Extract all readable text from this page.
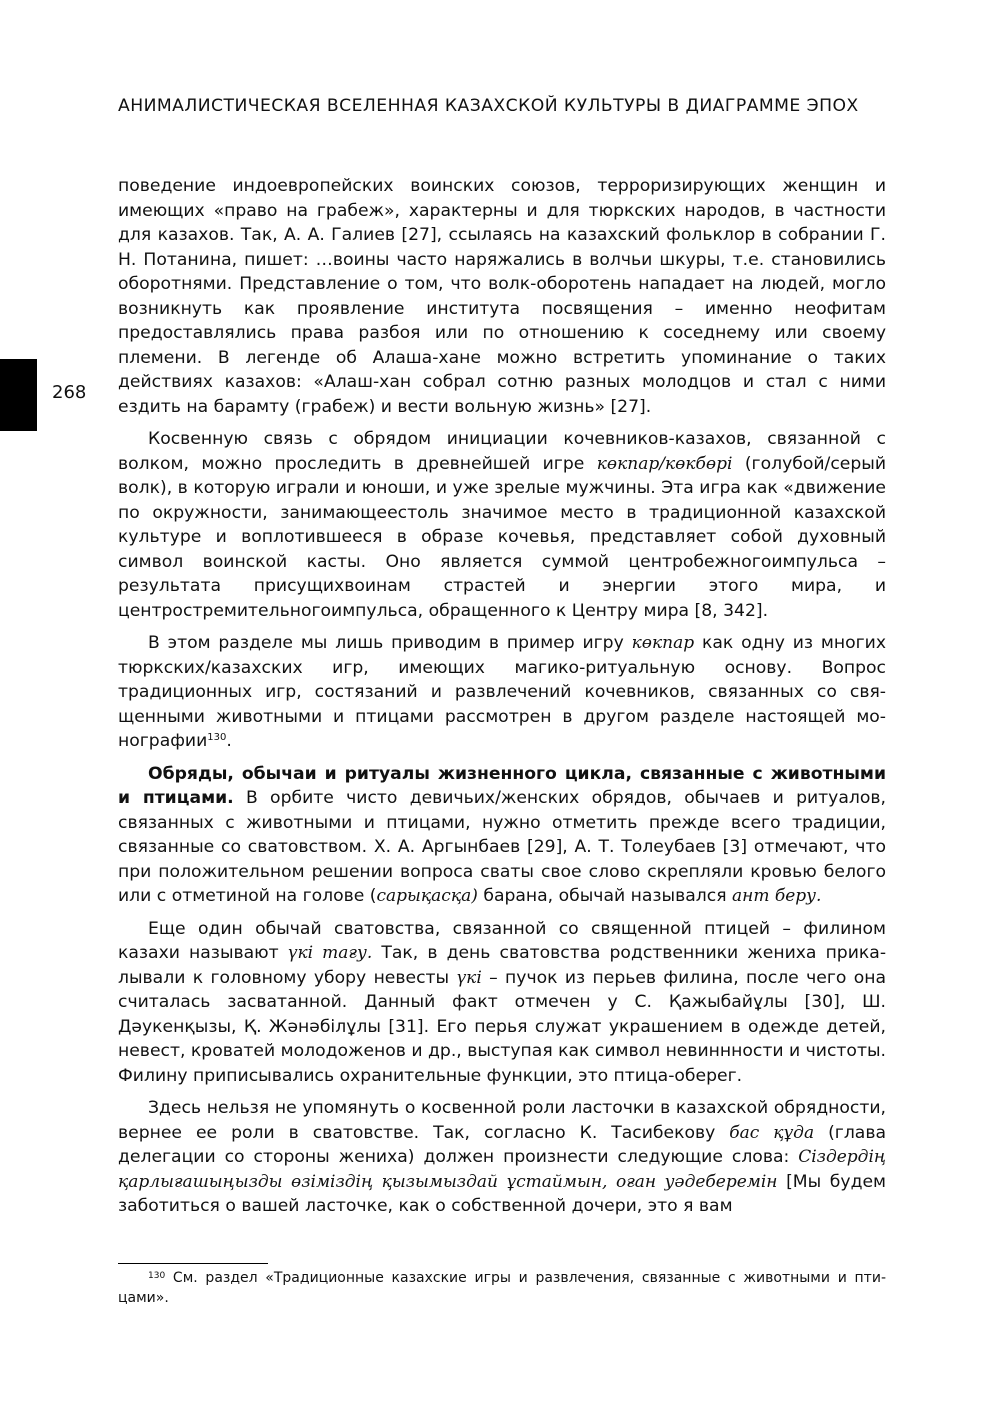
АНИМАЛИСТИЧЕСКАЯ ВСЕЛЕННАЯ КАЗАХСКОЙ КУЛЬТУРЫ В ДИАГРАММЕ ЭПОХ
268

поведение индоевропейских воинских союзов, терроризирующих женщин и имеющих «право на грабеж», характерны и для тюркских народов, в частности для казахов. Так, А. А. Галиев [27], ссылаясь на казахский фольклор в собрании Г. Н. Потанина, пишет: …воины часто наряжались в волчьи шкуры, т.е. становились оборотнями. Представление о том, что волк-оборотень нападает на людей, могло возникнуть как проявление института посвящения – именно неофитам предоставлялись права разбоя или по отношению к соседнему или своему племени. В легенде об Алаша-хане можно встретить упоминание о таких действиях казахов: «Алаш-хан собрал сотню разных молодцов и стал с ними ездить на барамту (грабеж) и вести вольную жизнь» [27].

Косвенную связь с обрядом инициации кочевников-казахов, связанной с волком, можно проследить в древнейшей игре көкпар/көкбөрі (голубой/серый волк), в которую играли и юноши, и уже зрелые мужчины. Эта игра как «движение по окружности, занимающеестоль значимое место в традиционной казахской культуре и воплотившееся в образе кочевья, представляет собой духовный символ воинской касты. Оно является суммой центробежногоимпульса – результата присущихвоинам страстей и энергии этого мира, и центростремительногоимпульса, обращенного к Центру мира [8, 342].

В этом разделе мы лишь приводим в пример игру көкпар как одну из многих тюркских/казахских игр, имеющих магико-ритуальную основу. Вопрос традиционных игр, состязаний и развлечений кочевников, связанных со священными животными и птицами рассмотрен в другом разделе настоящей монографии$^{130}$.

Обряды, обычаи и ритуалы жизненного цикла, связанные с животными и птицами. В орбите чисто девичьих/женских обрядов, обычаев и ритуалов, связанных с животными и птицами, нужно отметить прежде всего традиции, связанные со сватовством. Х. А. Аргынбаев [29], А. Т. Толеубаев [3] отмечают, что при положительном решении вопроса сваты свое слово скрепляли кровью белого или с отметиной на голове (сарықасқа) барана, обычай назывался ант беру.

Еще один обычай сватовства, связанной со священной птицей – филином казахи называют үкі тағу. Так, в день сватовства родственники жениха прикалывали к головному убору невесты үкі – пучок из перьев филина, после чего она считалась засватанной. Данный факт отмечен у С. Қажыбайұлы [30], Ш. Дәукенқызы, Қ. Жәнәбілұлы [31]. Его перья служат украшением в одежде детей, невест, кроватей молодоженов и др., выступая как символ невиннности и чистоты. Филину приписывались охранительные функции, это птица-оберег.

Здесь нельзя не упомянуть о косвенной роли ласточки в казахской обрядности, вернее ее роли в сватовстве. Так, согласно К. Тасибекову бас құда (глава делегации со стороны жениха) должен произнести следующие слова: Сіздердің қарлығашыңызды өзіміздің қызымыздай ұстаймын, оған уәдеберемін [Мы будем заботиться о вашей ласточке, как о собственной дочери, это я вам

$^{130}$ См. раздел «Традиционные казахские игры и развлечения, связанные с животными и птицами».
